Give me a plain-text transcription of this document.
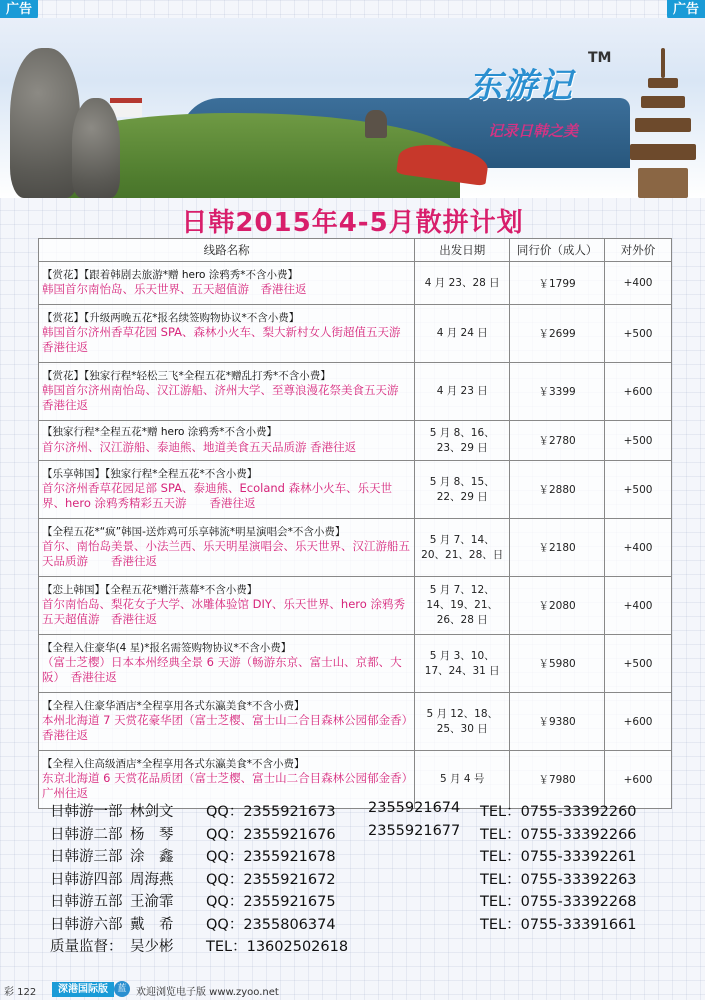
广告	广告
东游记
TM
记录日韩之美
日韩2015年4-5月散拼计划
线路名称	出发日期	同行价（成人）	对外价

【赏花】【跟着韩剧去旅游*赠 hero 涂鸦秀*不含小费】
韩国首尔南怡岛、乐天世界、五天超值游　香港往返	4 月 23、28 日	￥1799	+400

【赏花】【升级两晚五花*报名续签购物协议*不含小费】
韩国首尔济州香草花园 SPA、森林小火车、梨大新村女人街超值五天游　香港往返	4 月 24 日	￥2699	+500

【赏花】【独家行程*轻松三飞*全程五花*赠乱打秀*不含小费】
韩国首尔济州南怡岛、汉江游船、济州大学、至尊浪漫花祭美食五天游　香港往返	4 月 23 日	￥3399	+600

【独家行程*全程五花*赠 hero 涂鸦秀*不含小费】
首尔济州、汉江游船、泰迪熊、地道美食五天品质游 香港往返	5 月 8、16、23、29 日	￥2780	+500

【乐享韩国】【独家行程*全程五花*不含小费】
首尔济州香草花园足部 SPA、泰迪熊、Ecoland 森林小火车、乐天世界、hero 涂鸦秀精彩五天游　　香港往返	5 月 8、15、22、29 日	￥2880	+500

【全程五花*“疯”韩国-送炸鸡可乐享韩流*明星演唱会*不含小费】
首尔、南怡岛美景、小法兰西、乐天明星演唱会、乐天世界、汉江游船五天品质游　　香港往返	5 月 7、14、20、21、28、日	￥2180	+400

【恋上韩国】【全程五花*赠汗蒸幕*不含小费】
首尔南怡岛、梨花女子大学、冰雕体验馆 DIY、乐天世界、hero 涂鸦秀五天超值游　香港往返	5 月 7、12、14、19、21、26、28 日	￥2080	+400

【全程入住豪华(4 星)*报名需签购物协议*不含小费】
（富士芝樱）日本本州经典全景 6 天游（畅游东京、富士山、京都、大阪）　香港往返	5 月 3、10、17、24、31 日	￥5980	+500

【全程入住豪华酒店*全程享用各式东瀛美食*不含小费】
本州北海道 7 天赏花豪华团（富士芝樱、富士山二合目森林公园郁金香）　香港往返	5 月 12、18、25、30 日	￥9380	+600

【全程入住高级酒店*全程享用各式东瀛美食*不含小费】
东京北海道 6 天赏花品质团（富士芝樱、富士山二合目森林公园郁金香）　广州往返	5 月 4 号	￥7980	+600
日韩游一部 林剑文 QQ：2355921673 2355921674 TEL：0755-33392260
日韩游二部 杨　琴 QQ：2355921676 2355921677 TEL：0755-33392266
日韩游三部 涂　鑫 QQ：2355921678	TEL：0755-33392261
日韩游四部 周海燕 QQ：2355921672	TEL：0755-33392263
日韩游五部 王渝霏 QQ：2355921675	TEL：0755-33392268
日韩游六部 戴　希 QQ：2355806374	TEL：0755-33391661
质量监督： 吴少彬 TEL：13602502618
彩 122	深港国际版	蓝 欢迎浏览电子版 www.zyoo.net
